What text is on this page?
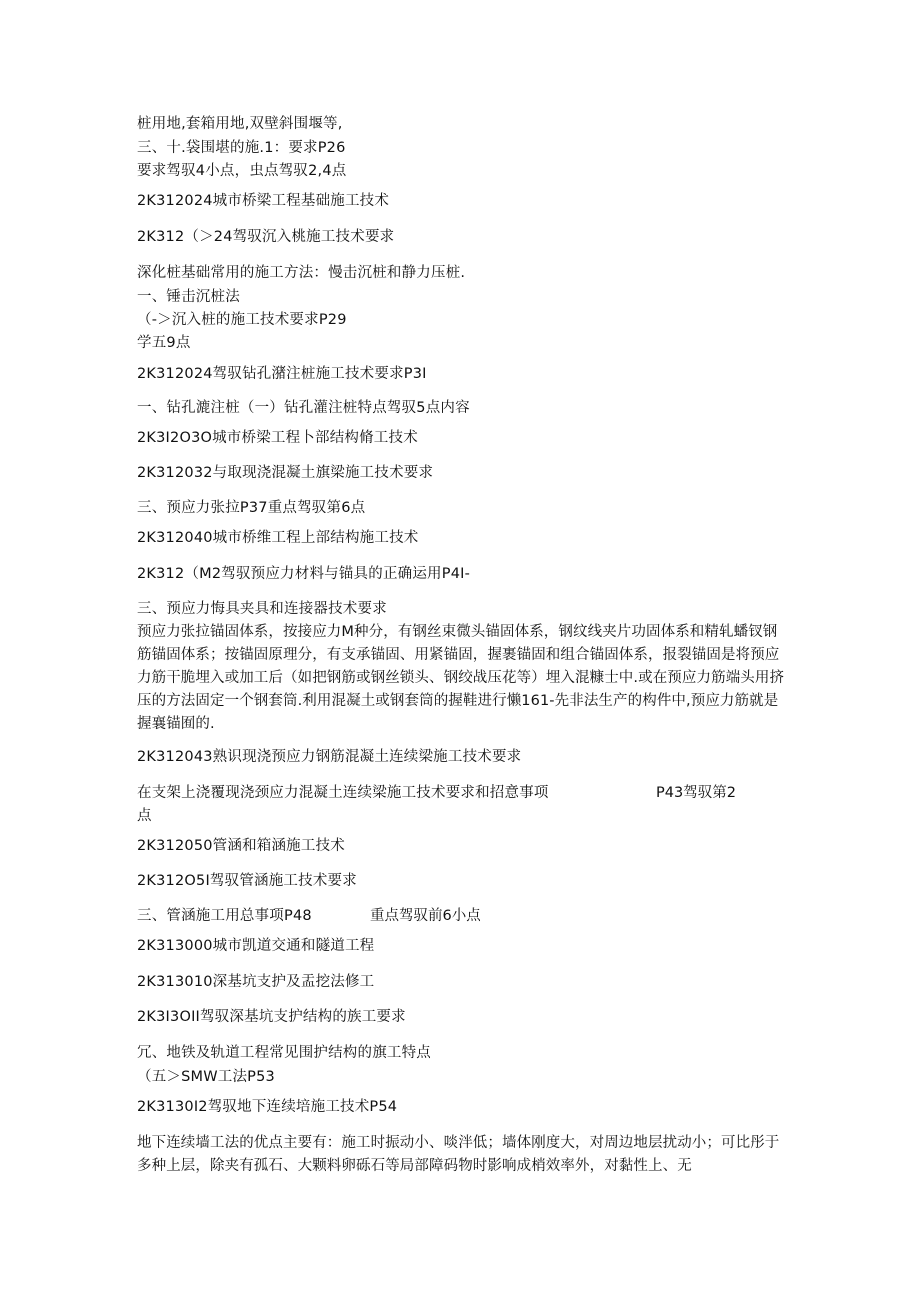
桩用地,套箱用地,双壁斜围堰等,
三、十.袋围堪的施.1：要求P26
要求驾驭4小点，虫点驾驭2,4点
2K312024城市桥梁工程基础施工技术
2K312（＞24驾驭沉入桃施工技术要求
深化桩基础常用的施工方法：慢击沉桩和静力压桩.
一、锤击沉桩法
（-＞沉入桩的施工技术要求P29
学五9点
2K312024驾驭钻孔潴注桩施工技术要求P3I
一、钻孔漉注桩（一）钻孔灌注桩特点驾驭5点内容
2K3I2O3O城市桥梁工程卜部结构脩工技术
2K312032与取现浇混凝土旗梁施工技术要求
三、预应力张拉P37重点驾驭第6点
2K312040城市桥维工程上部结构施工技术
2K312（M2驾驭预应力材料与锚具的正确运用P4I-
三、预应力悔具夹具和连接器技术要求
预应力张拉锚固体系，按接应力M种分，有钢丝束微头锚固体系，钢纹线夹片功固体系和精轧蟠钗钢筋锚固体系；按锚固原理分，有支承锚固、用紧锚固，握裹锚固和组合锚固体系，报裂锚固是将预应力筋干脆埋入或加工后（如把钢筋或钢丝锁头、钢绞战压花等）埋入混糠士中.或在预应力筋端头用挤压的方法固定一个钢套筒.利用混凝土或钢套筒的握鞋进行懒161-先非法生产的构件中,预应力筋就是握襄锚囿的.
2K312043熟识现浇预应力钢筋混凝土连续梁施工技术要求
在支架上浇覆现浇颈应力混凝土连续梁施工技术要求和招意事项	P43驾驭第2
点
2K312050管涵和箱涵施工技术
2K312O5I驾驭管涵施工技术要求
三、管涵施工用总事项P48	重点驾驭前6小点
2K313000城市凯道交通和隧道工程
2K313010深基坑支护及盂挖法修工
2K3I3OII驾驭深基坑支护结构的族工要求
冗、地铁及轨道工程常见围护结构的旗工特点
（五＞SMW工法P53
2K3130I2驾驭地下连续培施工技术P54
地下连续墙工法的优点主要有：施工时振动小、啖泮低；墙体刚度大，对周边地层扰动小；可比彤于多种上层，除夹有孤石、大颗料卵砾石等局部障码物时影响成梢效率外，对黏性上、无
